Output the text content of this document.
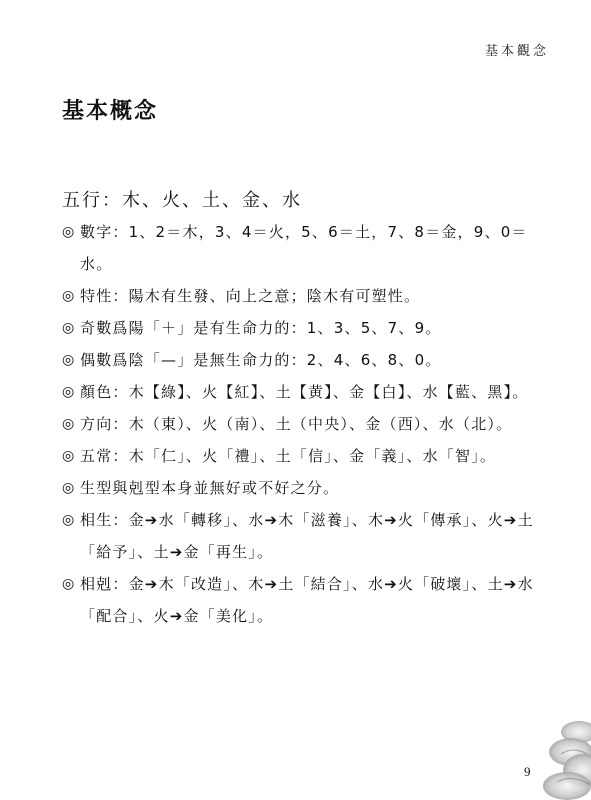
基本觀念
基本概念
五行：木、火、土、金、水
◎ 數字：1、2＝木，3、4＝火，5、6＝土，7、8＝金，9、0＝水。
◎ 特性：陽木有生發、向上之意；陰木有可塑性。
◎ 奇數爲陽「＋」是有生命力的：1、3、5、7、9。
◎ 偶數爲陰「—」是無生命力的：2、4、6、8、0。
◎ 顏色：木【綠】、火【紅】、土【黄】、金【白】、水【藍、黑】。
◎ 方向：木（東）、火（南）、土（中央）、金（西）、水（北）。
◎ 五常：木「仁」、火「禮」、土「信」、金「義」、水「智」。
◎ 生型與剋型本身並無好或不好之分。
◎ 相生：金➔水「轉移」、水➔木「滋養」、木➔火「傳承」、火➔土「給予」、土➔金「再生」。
◎ 相剋：金➔木「改造」、木➔土「結合」、水➔火「破壞」、土➔水「配合」、火➔金「美化」。
9
